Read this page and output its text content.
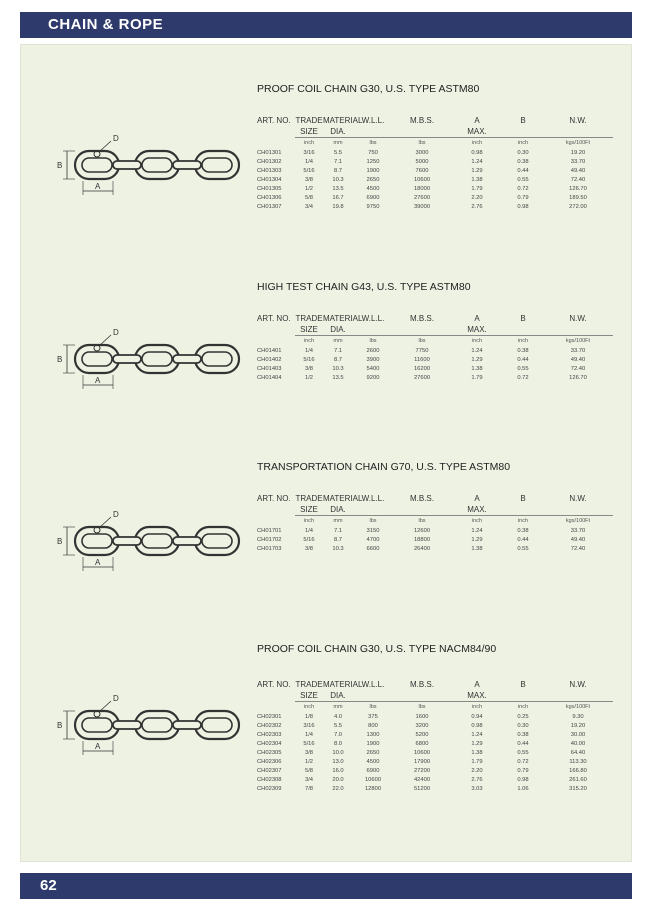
CHAIN & ROPE
PROOF COIL CHAIN G30, U.S. TYPE ASTM80
D
B
A
ART. NO.	TRADE	MATERIAL	W.L.L.	M.B.S.	A	B	N.W.
	SIZE	DIA.			MAX.		
	inch	mm	lbs	lbs	inch	inch	kgs/100Ft
CH01301	3/16	5.5	750	3000	0.98	0.30	19.20
CH01302	1/4	7.1	1250	5000	1.24	0.38	33.70
CH01303	5/16	8.7	1900	7600	1.29	0.44	49.40
CH01304	3/8	10.3	2650	10600	1.38	0.55	72.40
CH01305	1/2	13.5	4500	18000	1.79	0.72	126.70
CH01306	5/8	16.7	6900	27600	2.20	0.79	189.50
CH01307	3/4	19.8	9750	39000	2.76	0.98	272.00
HIGH TEST CHAIN G43, U.S. TYPE ASTM80
D
B
A
ART. NO.	TRADE	MATERIAL	W.L.L.	M.B.S.	A	B	N.W.
	SIZE	DIA.			MAX.		
	inch	mm	lbs	lbs	inch	inch	kgs/100Ft
CH01401	1/4	7.1	2600	7750	1.24	0.38	33.70
CH01402	5/16	8.7	3900	11600	1.29	0.44	49.40
CH01403	3/8	10.3	5400	16200	1.38	0.55	72.40
CH01404	1/2	13.5	9200	27600	1.79	0.72	126.70
TRANSPORTATION CHAIN G70, U.S. TYPE ASTM80
D
B
A
ART. NO.	TRADE	MATERIAL	W.L.L.	M.B.S.	A	B	N.W.
	SIZE	DIA.			MAX.		
	inch	mm	lbs	lbs	inch	inch	kgs/100Ft
CH01701	1/4	7.1	3150	12600	1.24	0.38	33.70
CH01702	5/16	8.7	4700	18800	1.29	0.44	49.40
CH01703	3/8	10.3	6600	26400	1.38	0.55	72.40
PROOF COIL CHAIN G30, U.S. TYPE NACM84/90
D
B
A
ART. NO.	TRADE	MATERIAL	W.L.L.	M.B.S.	A	B	N.W.
	SIZE	DIA.			MAX.		
	inch	mm	lbs	lbs	inch	inch	kgs/100Ft
CH02301	1/8	4.0	375	1600	0.94	0.25	9.30
CH02302	3/16	5.5	800	3200	0.98	0.30	19.20
CH02303	1/4	7.0	1300	5200	1.24	0.38	30.00
CH02304	5/16	8.0	1900	6800	1.29	0.44	40.00
CH02305	3/8	10.0	2650	10600	1.38	0.55	64.40
CH02306	1/2	13.0	4500	17900	1.79	0.72	113.30
CH02307	5/8	16.0	6900	27200	2.20	0.79	166.80
CH02308	3/4	20.0	10600	42400	2.76	0.98	261.60
CH02309	7/8	22.0	12800	51200	3.03	1.06	315.20
62
